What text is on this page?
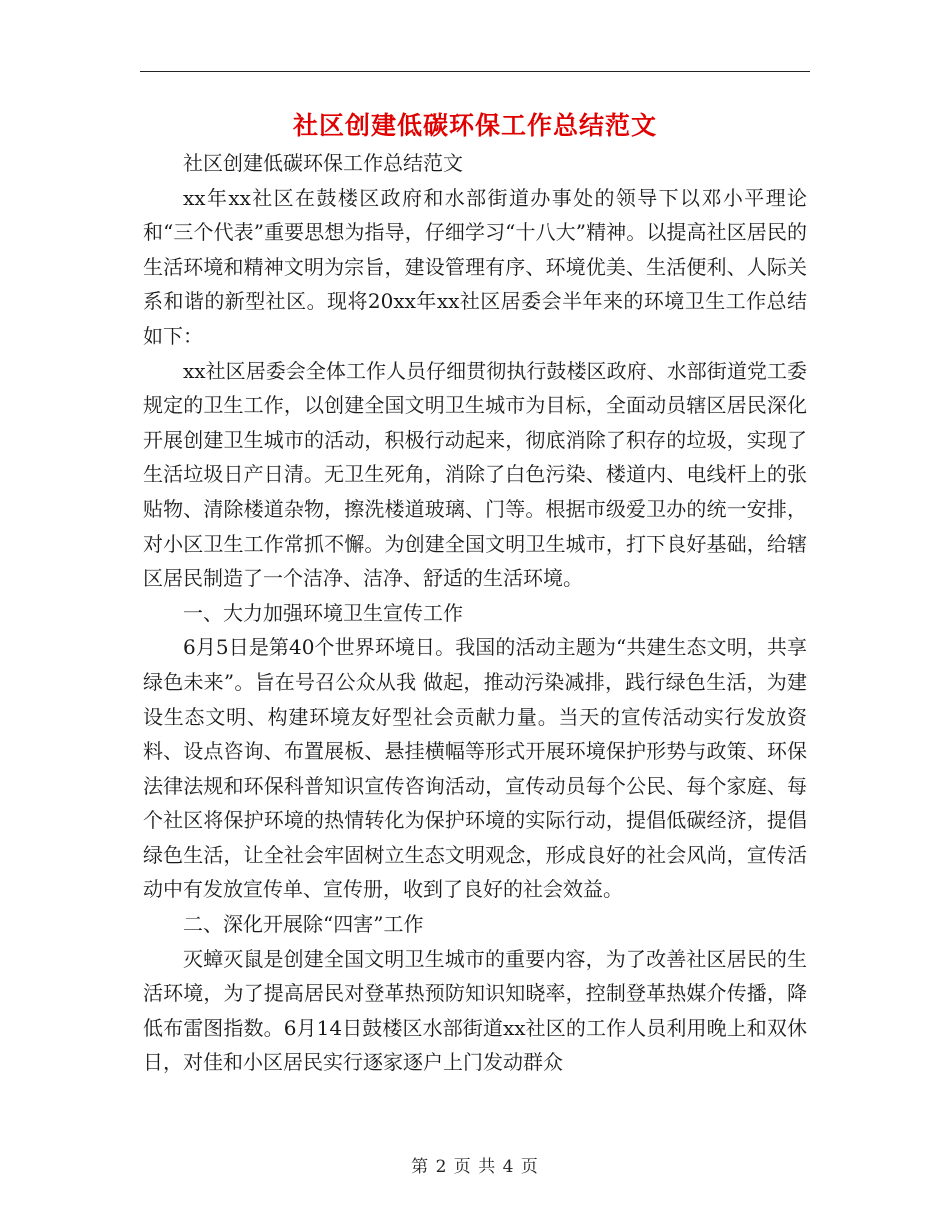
社区创建低碳环保工作总结范文

社区创建低碳环保工作总结范文

xx年xx社区在鼓楼区政府和水部街道办事处的领导下以邓小平理论和“三个代表”重要思想为指导，仔细学习“十八大”精神。以提高社区居民的生活环境和精神文明为宗旨，建设管理有序、环境优美、生活便利、人际关系和谐的新型社区。现将20xx年xx社区居委会半年来的环境卫生工作总结如下：

xx社区居委会全体工作人员仔细贯彻执行鼓楼区政府、水部街道党工委规定的卫生工作，以创建全国文明卫生城市为目标，全面动员辖区居民深化开展创建卫生城市的活动，积极行动起来，彻底消除了积存的垃圾，实现了生活垃圾日产日清。无卫生死角，消除了白色污染、楼道内、电线杆上的张贴物、清除楼道杂物，擦洗楼道玻璃、门等。根据市级爱卫办的统一安排，对小区卫生工作常抓不懈。为创建全国文明卫生城市，打下良好基础，给辖区居民制造了一个洁净、洁净、舒适的生活环境。

一、大力加强环境卫生宣传工作

6月5日是第40个世界环境日。我国的活动主题为“共建生态文明，共享绿色未来”。旨在号召公众从我 做起，推动污染减排，践行绿色生活，为建设生态文明、构建环境友好型社会贡献力量。当天的宣传活动实行发放资料、设点咨询、布置展板、悬挂横幅等形式开展环境保护形势与政策、环保法律法规和环保科普知识宣传咨询活动，宣传动员每个公民、每个家庭、每个社区将保护环境的热情转化为保护环境的实际行动，提倡低碳经济，提倡绿色生活，让全社会牢固树立生态文明观念，形成良好的社会风尚，宣传活动中有发放宣传单、宣传册，收到了良好的社会效益。

二、深化开展除“四害”工作

灭蟑灭鼠是创建全国文明卫生城市的重要内容，为了改善社区居民的生活环境，为了提高居民对登革热预防知识知晓率，控制登革热媒介传播，降低布雷图指数。6月14日鼓楼区水部街道xx社区的工作人员利用晚上和双休日，对佳和小区居民实行逐家逐户上门发动群众

第 2 页 共 4 页
